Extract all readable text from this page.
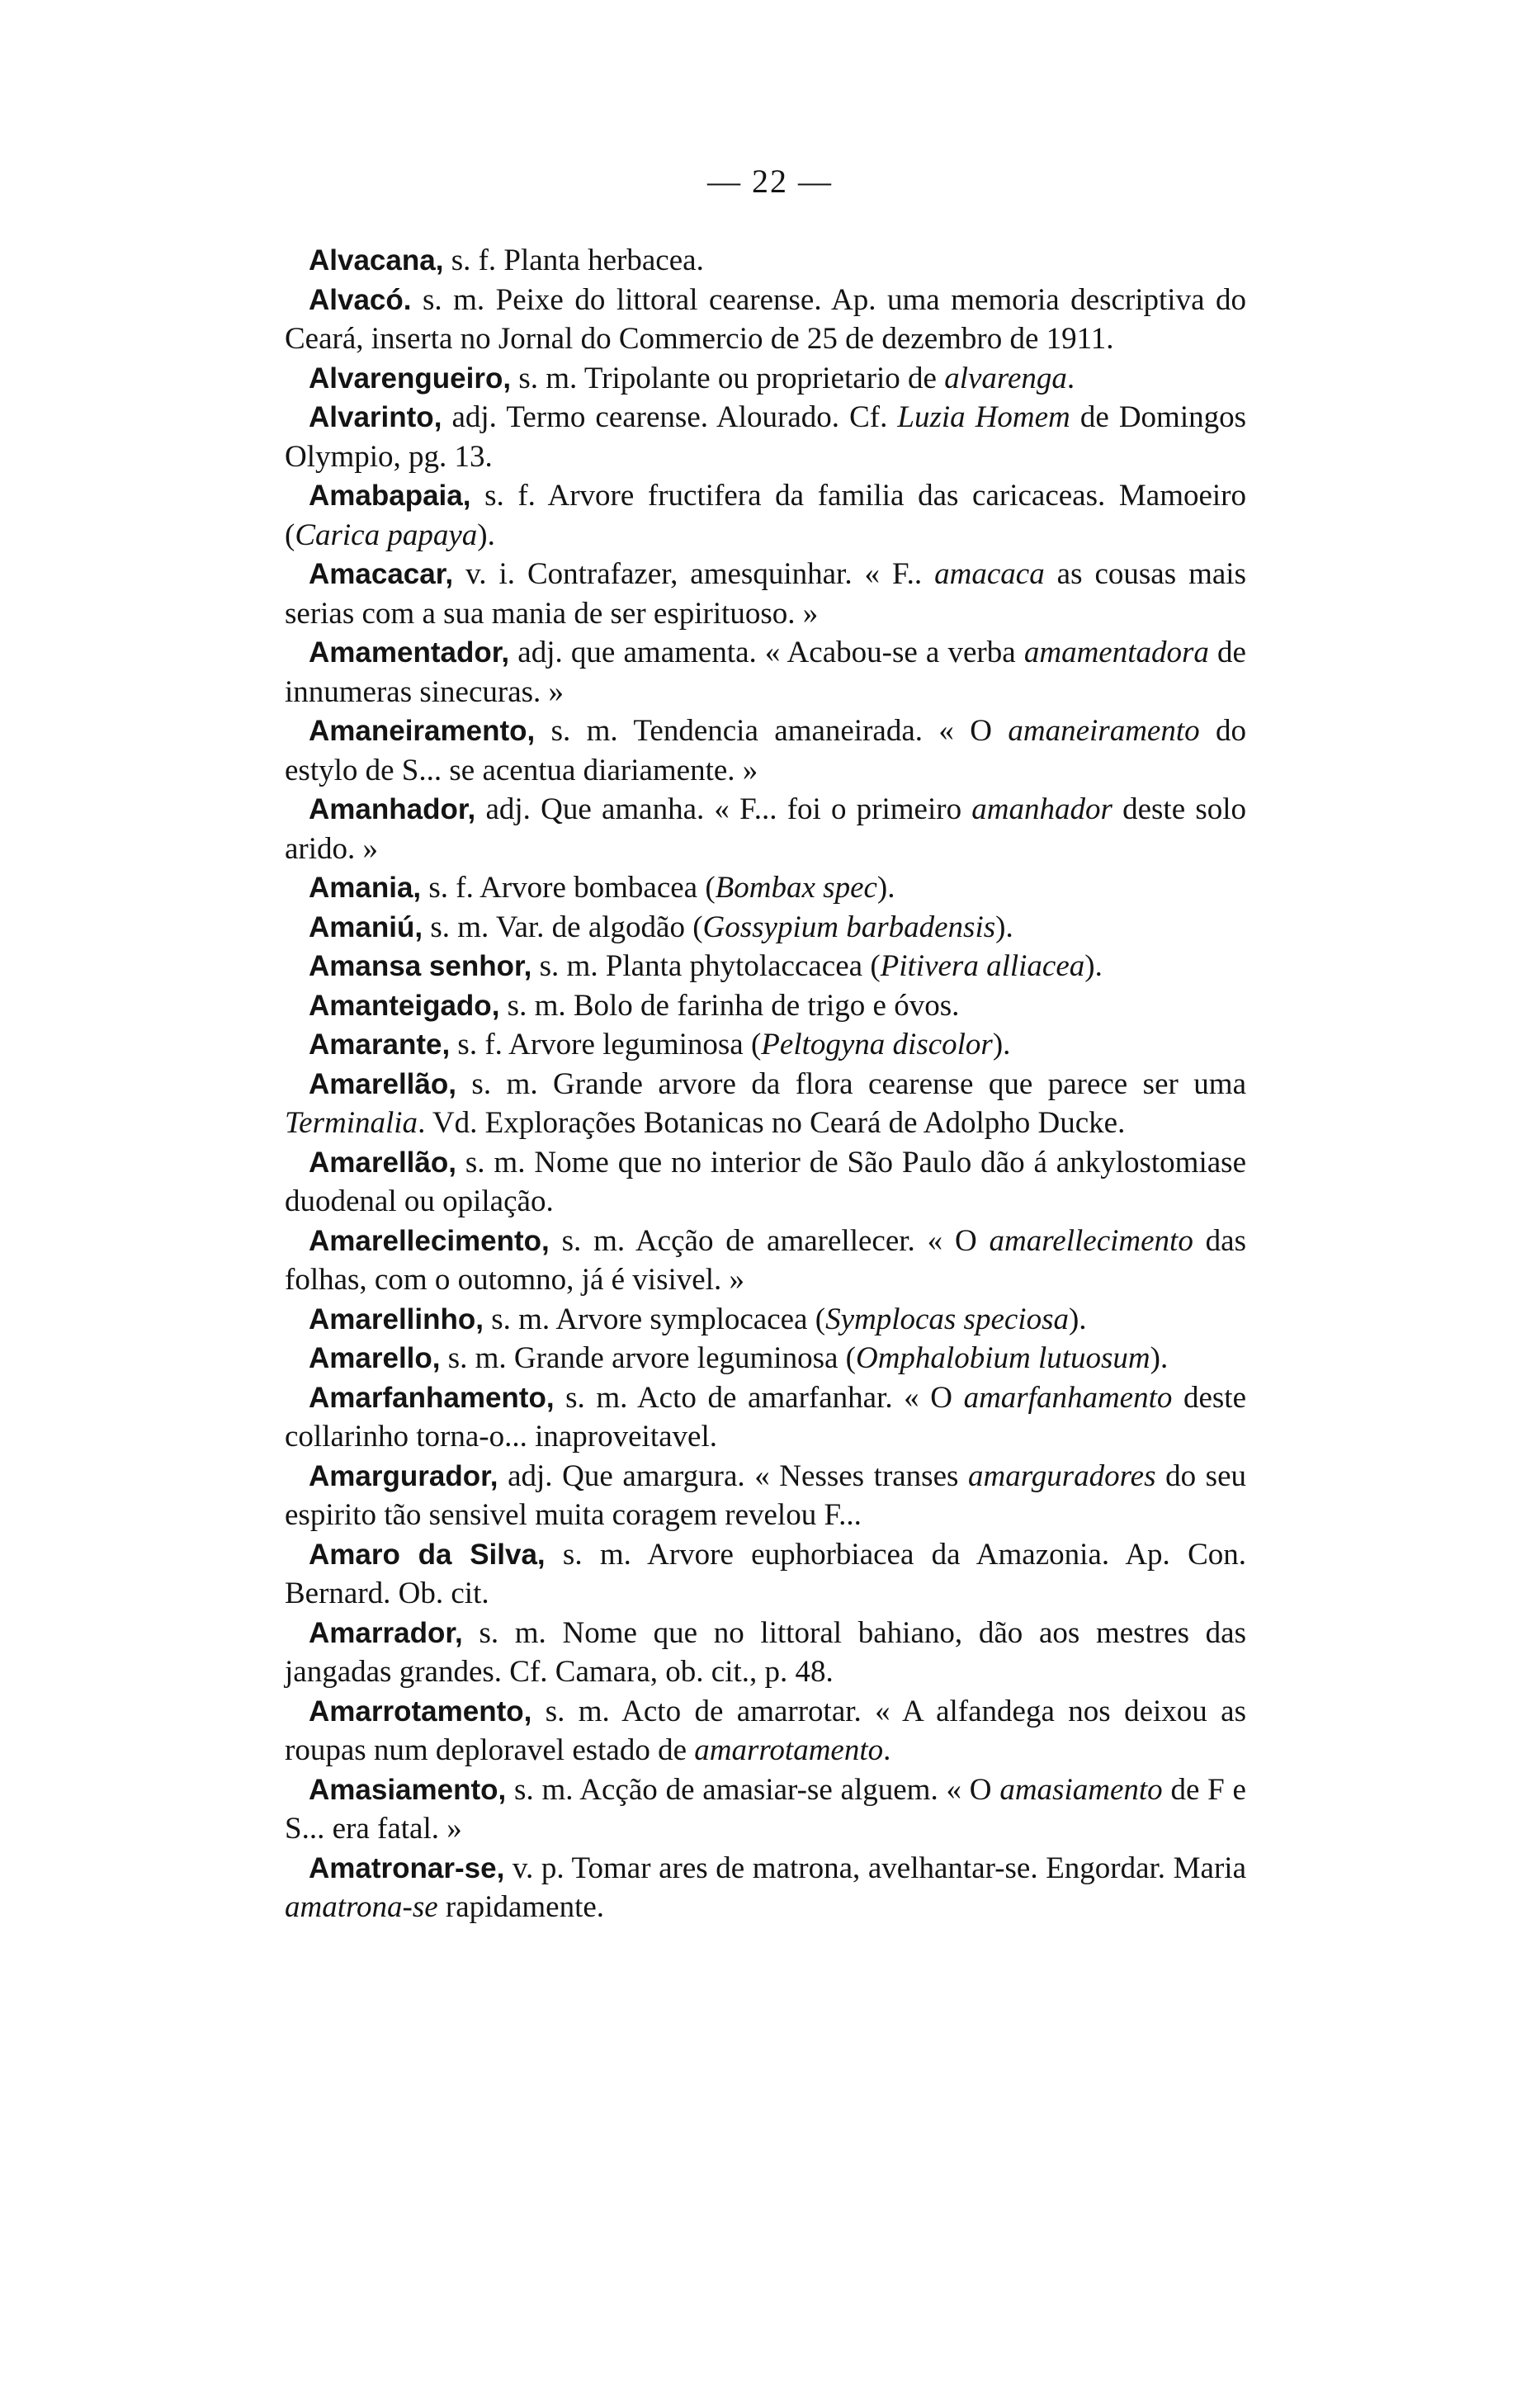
— 22 —

Alvacana, s. f. Planta herbacea.

Alvacó. s. m. Peixe do littoral cearense. Ap. uma memoria descriptiva do Ceará, inserta no Jornal do Commercio de 25 de dezembro de 1911.

Alvarengueiro, s. m. Tripolante ou proprietario de alvarenga.

Alvarinto, adj. Termo cearense. Alourado. Cf. Luzia Homem de Domingos Olympio, pg. 13.

Amabapaia, s. f. Arvore fructifera da familia das caricaceas. Mamoeiro (Carica papaya).

Amacacar, v. i. Contrafazer, amesquinhar. « F.. amacaca as cousas mais serias com a sua mania de ser espirituoso. »

Amamentador, adj. que amamenta. « Acabou-se a verba amamentadora de innumeras sinecuras. »

Amaneiramento, s. m. Tendencia amaneirada. « O amaneiramento do estylo de S... se acentua diariamente. »

Amanhador, adj. Que amanha. « F... foi o primeiro amanhador deste solo arido. »

Amania, s. f. Arvore bombacea (Bombax spec).

Amaniú, s. m. Var. de algodão (Gossypium barbadensis).

Amansa senhor, s. m. Planta phytolaccacea (Pitivera alliacea).

Amanteigado, s. m. Bolo de farinha de trigo e óvos.

Amarante, s. f. Arvore leguminosa (Peltogyna discolor).

Amarellão, s. m. Grande arvore da flora cearense que parece ser uma Terminalia. Vd. Explorações Botanicas no Ceará de Adolpho Ducke.

Amarellão, s. m. Nome que no interior de São Paulo dão á ankylostomiase duodenal ou opilação.

Amarellecimento, s. m. Acção de amarellecer. « O amarellecimento das folhas, com o outomno, já é visivel. »

Amarellinho, s. m. Arvore symplocacea (Symplocas speciosa).

Amarello, s. m. Grande arvore leguminosa (Omphalobium lutuosum).

Amarfanhamento, s. m. Acto de amarfanhar. « O amarfanhamento deste collarinho torna-o... inaproveitavel.

Amargurador, adj. Que amargura. « Nesses transes amarguradores do seu espirito tão sensivel muita coragem revelou F...

Amaro da Silva, s. m. Arvore euphorbiacea da Amazonia. Ap. Con. Bernard. Ob. cit.

Amarrador, s. m. Nome que no littoral bahiano, dão aos mestres das jangadas grandes. Cf. Camara, ob. cit., p. 48.

Amarrotamento, s. m. Acto de amarrotar. « A alfandega nos deixou as roupas num deploravel estado de amarrotamento.

Amasiamento, s. m. Acção de amasiar-se alguem. « O amasiamento de F e S... era fatal. »

Amatronar-se, v. p. Tomar ares de matrona, avelhantar-se. Engordar. Maria amatrona-se rapidamente.
